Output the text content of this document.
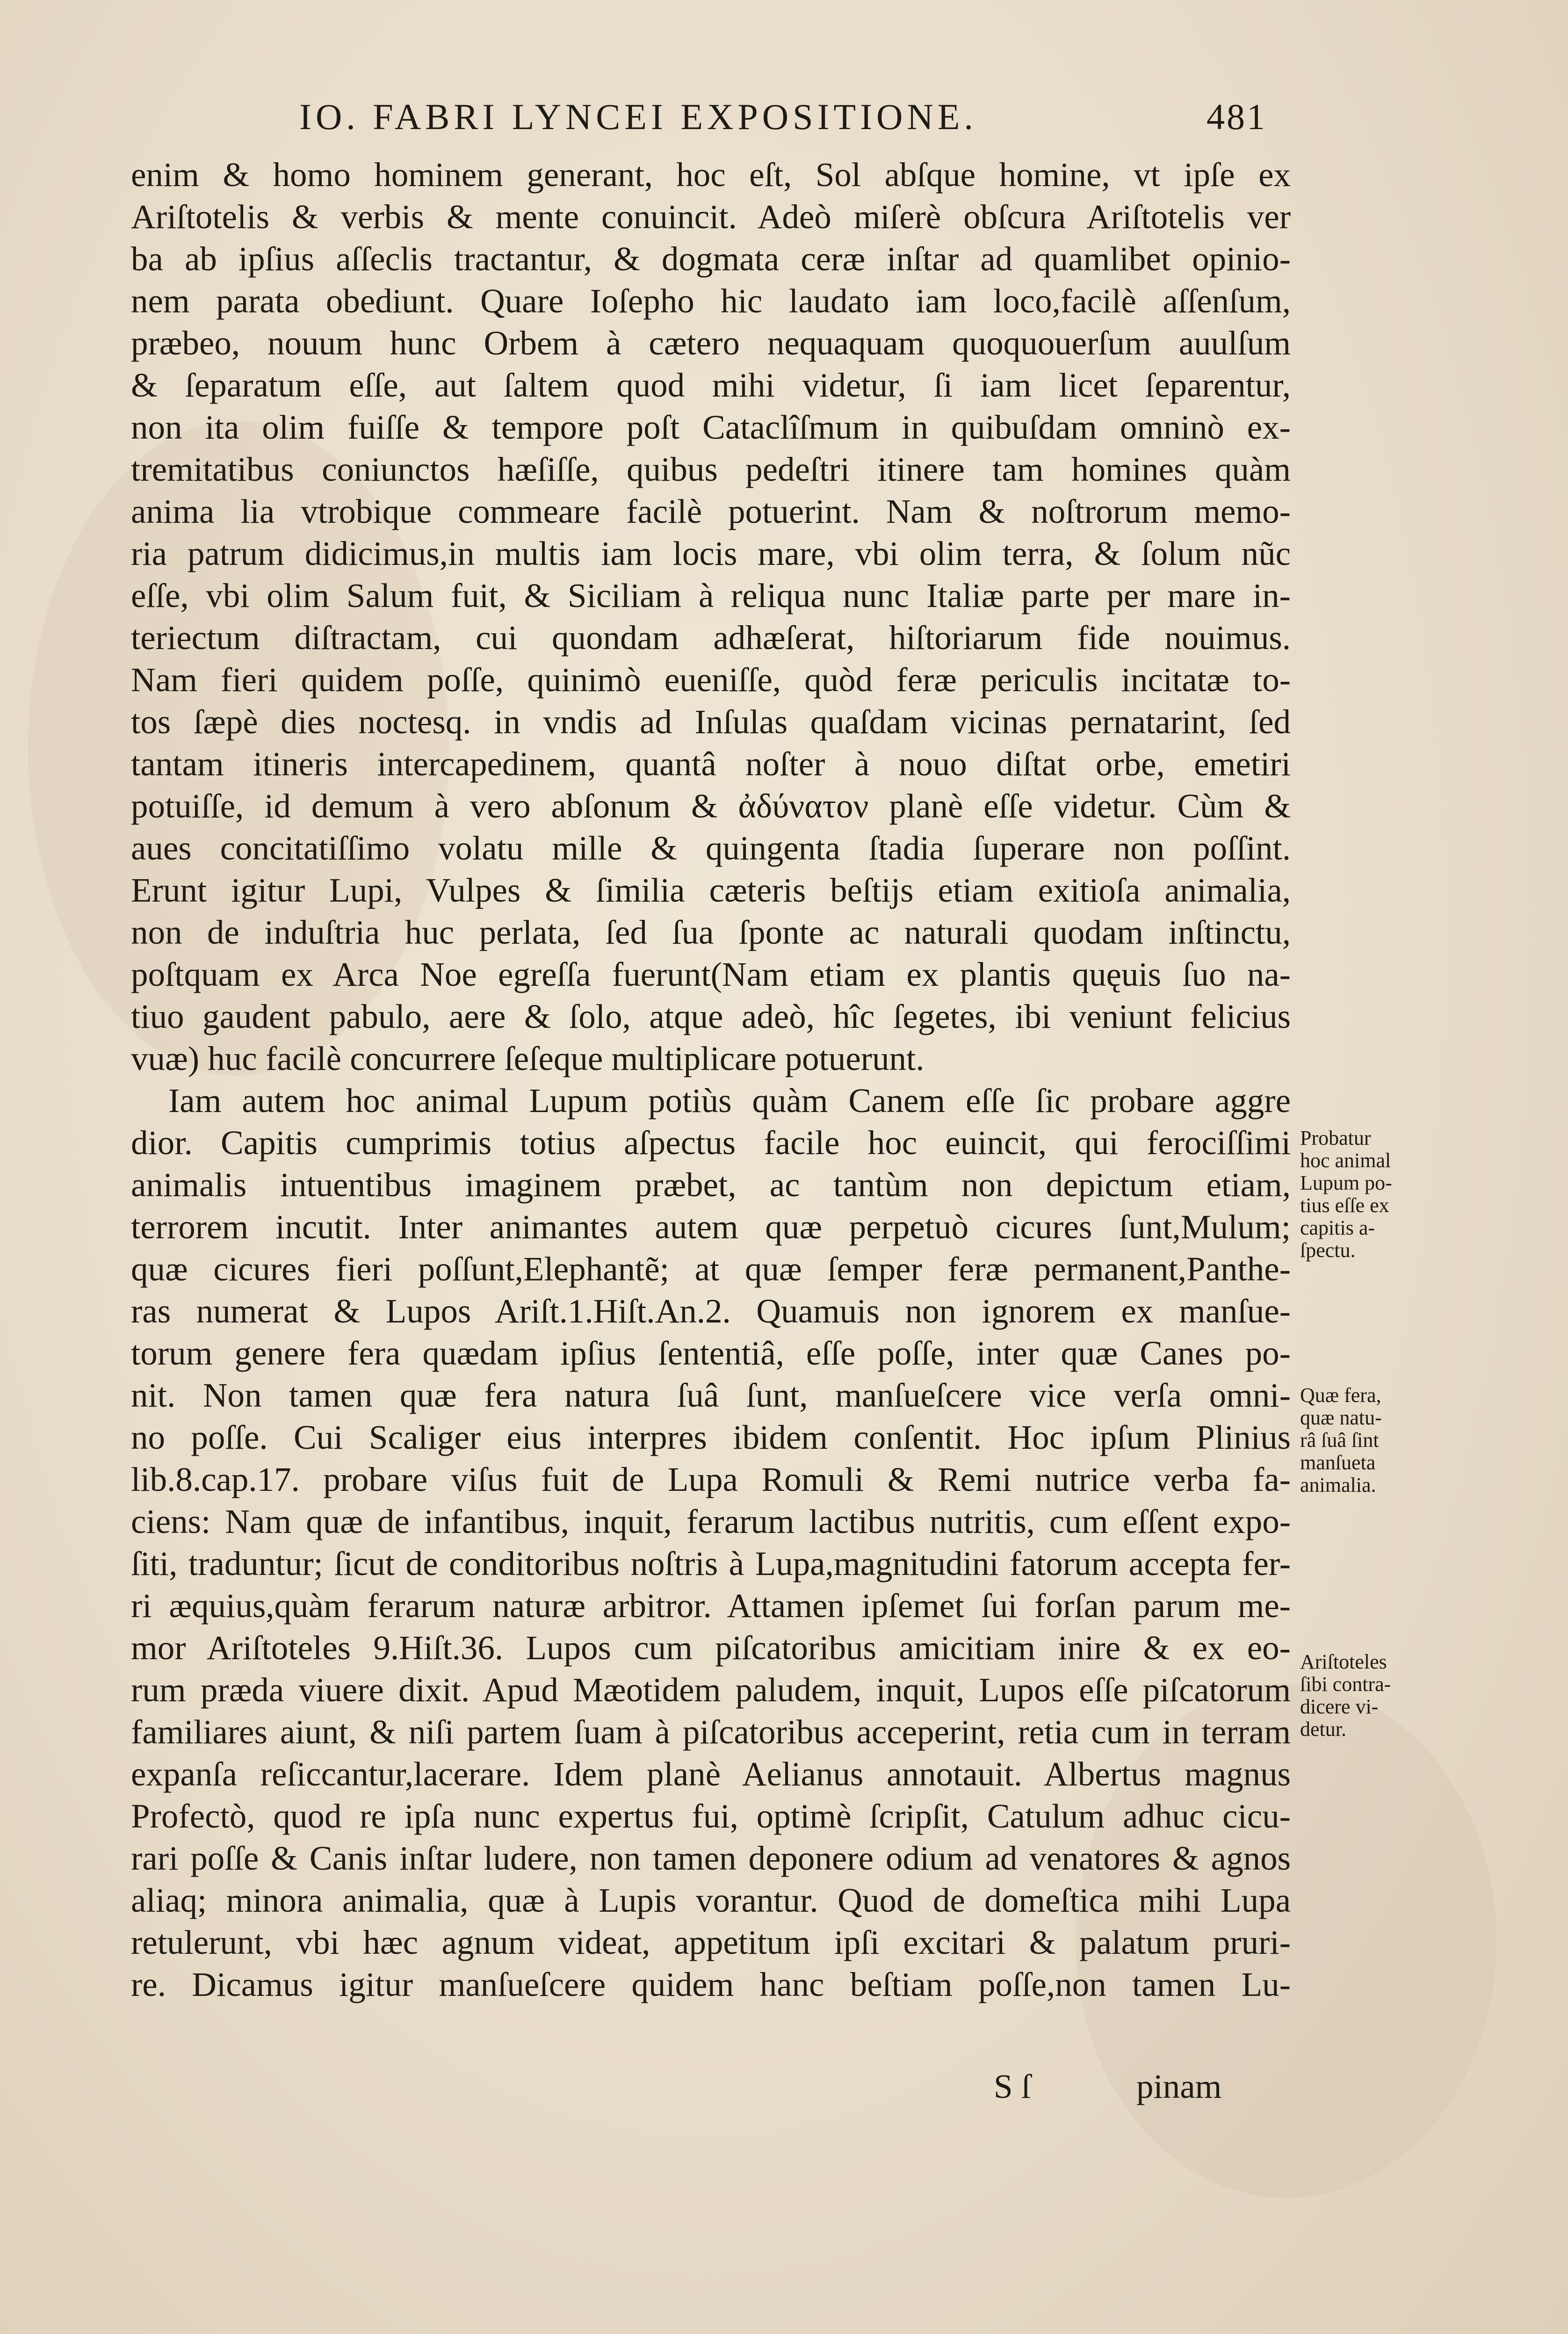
IO. FABRI LYNCEI EXPOSITIONE.	481
enim & homo hominem generant, hoc eſt, Sol abſque homine, vt ipſe ex
Ariſtotelis & verbis & mente conuincit. Adeò miſerè obſcura Ariſtotelis ver
ba ab ipſius aſſeclis tractantur, & dogmata ceræ inſtar ad quamlibet opinio-
nem parata obediunt. Quare Ioſepho hic laudato iam loco,facilè aſſenſum,
præbeo, nouum hunc Orbem à cætero nequaquam quoquouerſum auulſum
& ſeparatum eſſe, aut ſaltem quod mihi videtur, ſi iam licet ſeparentur,
non ita olim fuiſſe & tempore poſt Cataclîſmum in quibuſdam omninò ex-
tremitatibus coniunctos hæſiſſe, quibus pedeſtri itinere tam homines quàm
anima lia vtrobique commeare facilè potuerint. Nam & noſtrorum memo-
ria patrum didicimus,in multis iam locis mare, vbi olim terra, & ſolum nũc
eſſe, vbi olim Salum fuit, & Siciliam à reliqua nunc Italiæ parte per mare in-
teriectum diſtractam, cui quondam adhæſerat, hiſtoriarum fide nouimus.
Nam fieri quidem poſſe, quinimò eueniſſe, quòd feræ periculis incitatæ to-
tos ſæpè dies noctesq. in vndis ad Inſulas quaſdam vicinas pernatarint, ſed
tantam itineris intercapedinem, quantâ noſter à nouo diſtat orbe, emetiri
potuiſſe, id demum à vero abſonum & ἀδύνατον planè eſſe videtur. Cùm &
aues concitatiſſimo volatu mille & quingenta ſtadia ſuperare non poſſint.
Erunt igitur Lupi, Vulpes & ſimilia cæteris beſtijs etiam exitioſa animalia,
non de induſtria huc perlata, ſed ſua ſponte ac naturali quodam inſtinctu,
poſtquam ex Arca Noe egreſſa fuerunt(Nam etiam ex plantis quęuis ſuo na-
tiuo gaudent pabulo, aere & ſolo, atque adeò, hîc ſegetes, ibi veniunt felicius
vuæ) huc facilè concurrere ſeſeque multiplicare potuerunt.
Iam autem hoc animal Lupum potiùs quàm Canem eſſe ſic probare aggre
dior. Capitis cumprimis totius aſpectus facile hoc euincit, qui ferociſſimi
animalis intuentibus imaginem præbet, ac tantùm non depictum etiam,
terrorem incutit. Inter animantes autem quæ perpetuò cicures ſunt,Mulum;
quæ cicures fieri poſſunt,Elephantẽ; at quæ ſemper feræ permanent,Panthe-
ras numerat & Lupos Ariſt.1.Hiſt.An.2. Quamuis non ignorem ex manſue-
torum genere fera quædam ipſius ſententiâ, eſſe poſſe, inter quæ Canes po-
nit. Non tamen quæ fera natura ſuâ ſunt, manſueſcere vice verſa omni-
no poſſe. Cui Scaliger eius interpres ibidem conſentit. Hoc ipſum Plinius
lib.8.cap.17. probare viſus fuit de Lupa Romuli & Remi nutrice verba fa-
ciens: Nam quæ de infantibus, inquit, ferarum lactibus nutritis, cum eſſent expo-
ſiti, traduntur; ſicut de conditoribus noſtris à Lupa,magnitudini fatorum accepta fer-
ri æquius,quàm ferarum naturæ arbitror. Attamen ipſemet ſui forſan parum me-
mor Ariſtoteles 9.Hiſt.36. Lupos cum piſcatoribus amicitiam inire & ex eo-
rum præda viuere dixit. Apud Mæotidem paludem, inquit, Lupos eſſe piſcatorum
familiares aiunt, & niſi partem ſuam à piſcatoribus acceperint, retia cum in terram
expanſa reſiccantur,lacerare. Idem planè Aelianus annotauit. Albertus magnus
Profectò, quod re ipſa nunc expertus fui, optimè ſcripſit, Catulum adhuc cicu-
rari poſſe & Canis inſtar ludere, non tamen deponere odium ad venatores & agnos
aliaq; minora animalia, quæ à Lupis vorantur. Quod de domeſtica mihi Lupa
retulerunt, vbi hæc agnum videat, appetitum ipſi excitari & palatum pruri-
re. Dicamus igitur manſueſcere quidem hanc beſtiam poſſe,non tamen Lu-
Probatur
hoc animal
Lupum po-
tius eſſe ex
capitis a-
ſpectu.
Quæ fera,
quæ natu-
râ ſuâ ſint
manſueta
animalia.
Ariſtoteles
ſibi contra-
dicere vi-
detur.
S ſ	pinam
